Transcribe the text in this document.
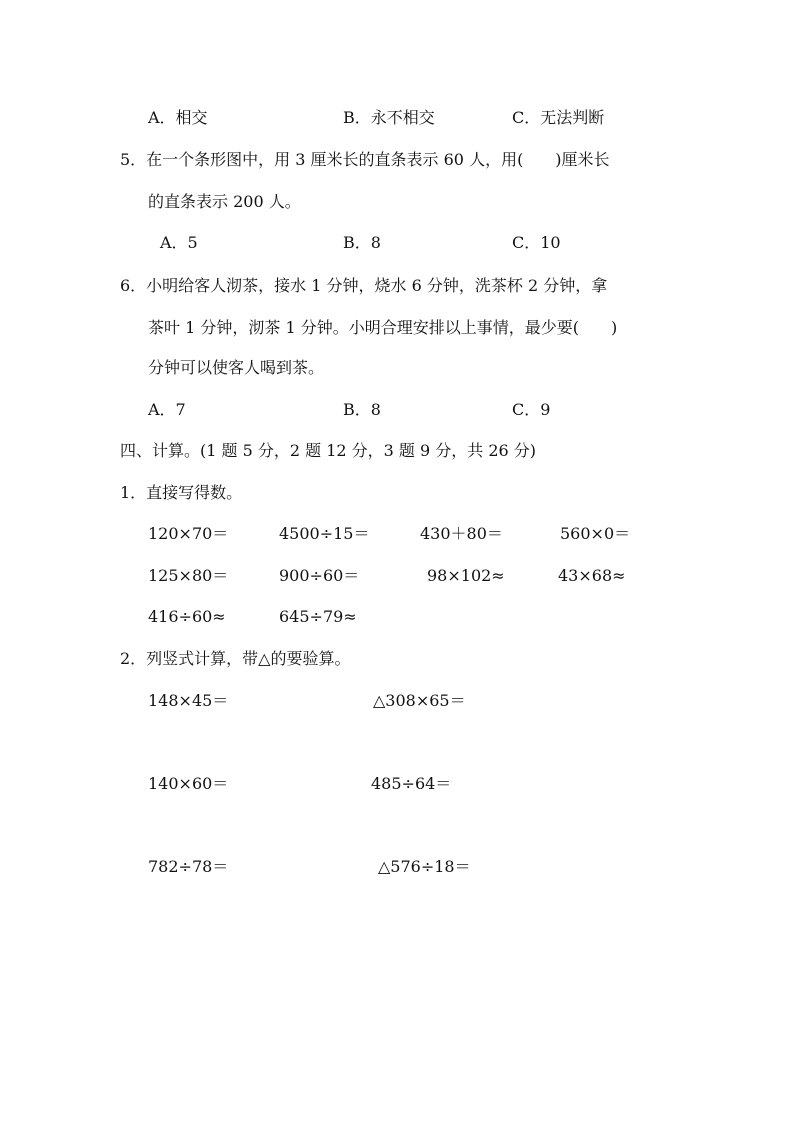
A．相交	B．永不相交	C．无法判断
5．在一个条形图中，用 3 厘米长的直条表示 60 人，用(　　)厘米长
的直条表示 200 人。
A．5	B．8	C．10
6．小明给客人沏茶，接水 1 分钟，烧水 6 分钟，洗茶杯 2 分钟，拿
茶叶 1 分钟，沏茶 1 分钟。小明合理安排以上事情，最少要(　　)
分钟可以使客人喝到茶。
A．7	B．8	C．9
四、计算。(1 题 5 分，2 题 12 分，3 题 9 分，共 26 分)
1．直接写得数。
120×70＝	4500÷15＝	430＋80＝	560×0＝
125×80＝	900÷60＝	98×102≈	43×68≈
416÷60≈	645÷79≈
2．列竖式计算，带△的要验算。
148×45＝	△308×65＝
140×60＝	485÷64＝
782÷78＝	△576÷18＝
